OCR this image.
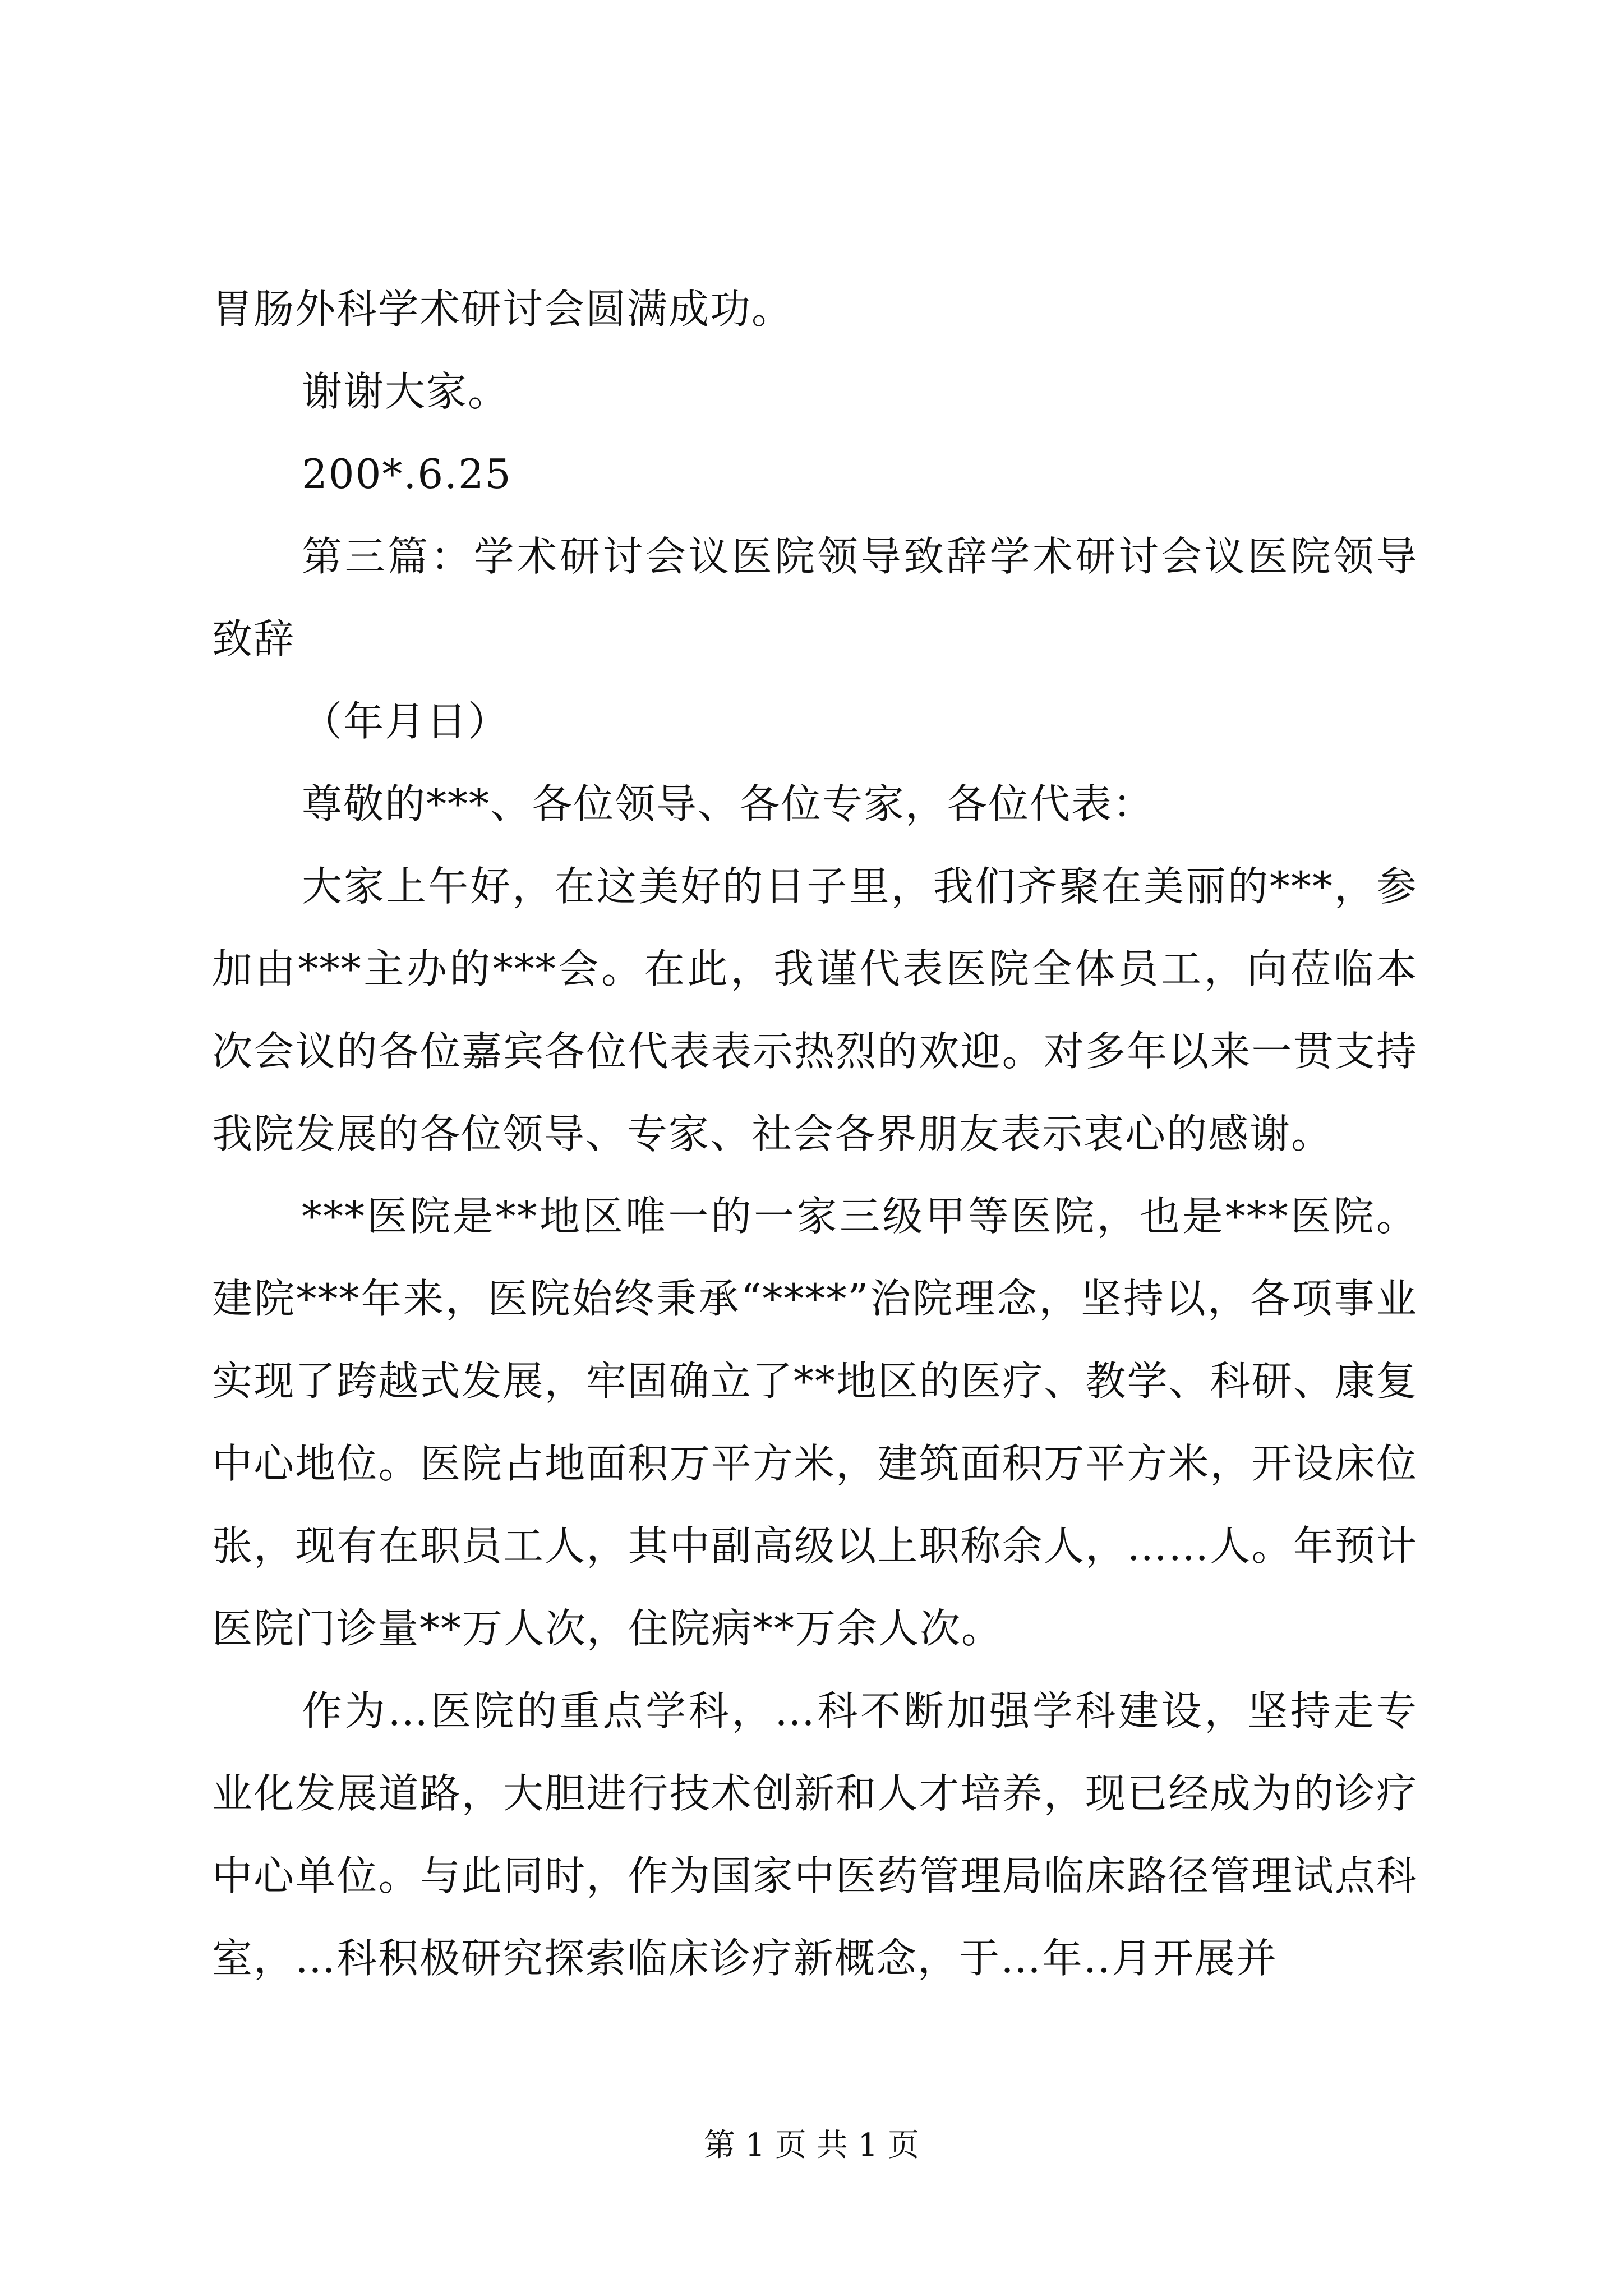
胃肠外科学术研讨会圆满成功。

谢谢大家。

200*.6.25

第三篇：学术研讨会议医院领导致辞学术研讨会议医院领导致辞

（年月日）

尊敬的***、各位领导、各位专家，各位代表：

大家上午好，在这美好的日子里，我们齐聚在美丽的***，参加由***主办的***会。在此，我谨代表医院全体员工，向莅临本次会议的各位嘉宾各位代表表示热烈的欢迎。对多年以来一贯支持我院发展的各位领导、专家、社会各界朋友表示衷心的感谢。

***医院是**地区唯一的一家三级甲等医院，也是***医院。建院***年来，医院始终秉承“****”治院理念，坚持以，各项事业实现了跨越式发展，牢固确立了**地区的医疗、教学、科研、康复中心地位。医院占地面积万平方米，建筑面积万平方米，开设床位张，现有在职员工人，其中副高级以上职称余人，……人。年预计医院门诊量**万人次，住院病**万余人次。

作为…医院的重点学科，…科不断加强学科建设，坚持走专业化发展道路，大胆进行技术创新和人才培养，现已经成为的诊疗中心单位。与此同时，作为国家中医药管理局临床路径管理试点科室，…科积极研究探索临床诊疗新概念，于…年..月开展并

第 1 页 共 1 页
